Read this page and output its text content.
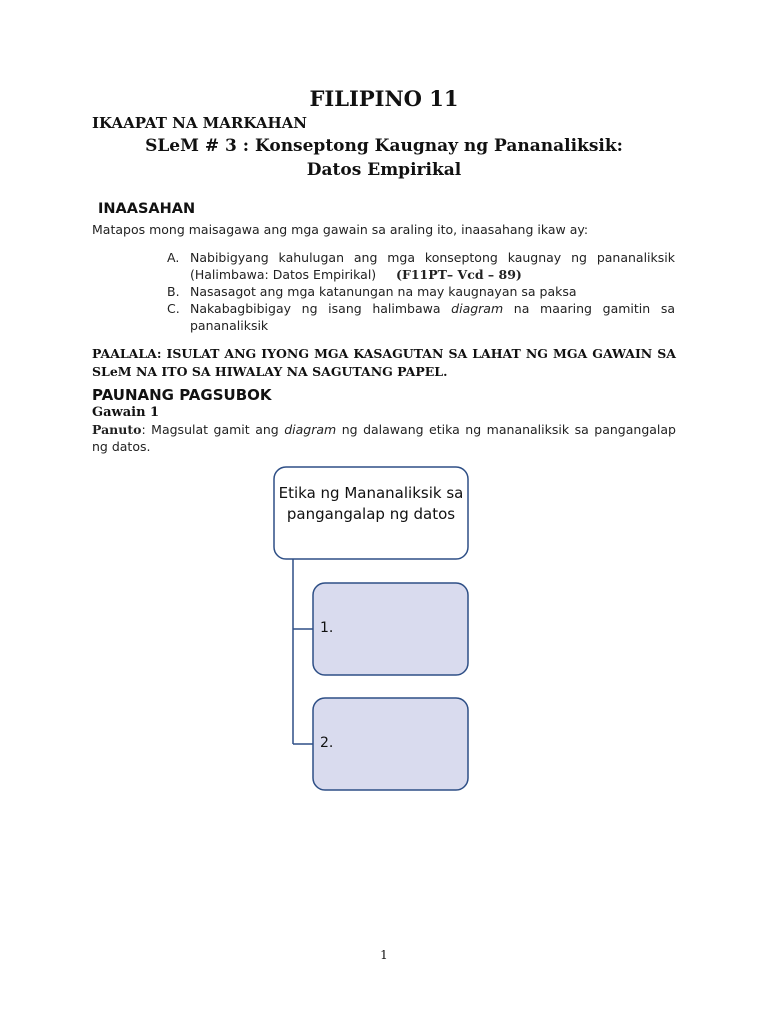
FILIPINO 11
IKAAPAT NA MARKAHAN
SLeM # 3 : Konseptong Kaugnay ng Pananaliksik:
Datos Empirikal
INAASAHAN
Matapos mong maisagawa ang mga gawain sa araling ito, inaasahang ikaw ay:
A. Nabibigyang kahulugan ang mga konseptong kaugnay ng pananaliksik (Halimbawa: Datos Empirikal) (F11PT– Vcd – 89)
B. Nasasagot ang mga katanungan na may kaugnayan sa paksa
C. Nakabagbibigay ng isang halimbawa diagram na maaring gamitin sa pananaliksik
PAALALA: ISULAT ANG IYONG MGA KASAGUTAN SA LAHAT NG MGA GAWAIN SA SLeM NA ITO SA HIWALAY NA SAGUTANG PAPEL.
PAUNANG PAGSUBOK
Gawain 1
Panuto: Magsulat gamit ang diagram ng dalawang etika ng mananaliksik sa pangangalap ng datos.
Etika ng Mananaliksik sa pangangalap ng datos
1.
2.
1
